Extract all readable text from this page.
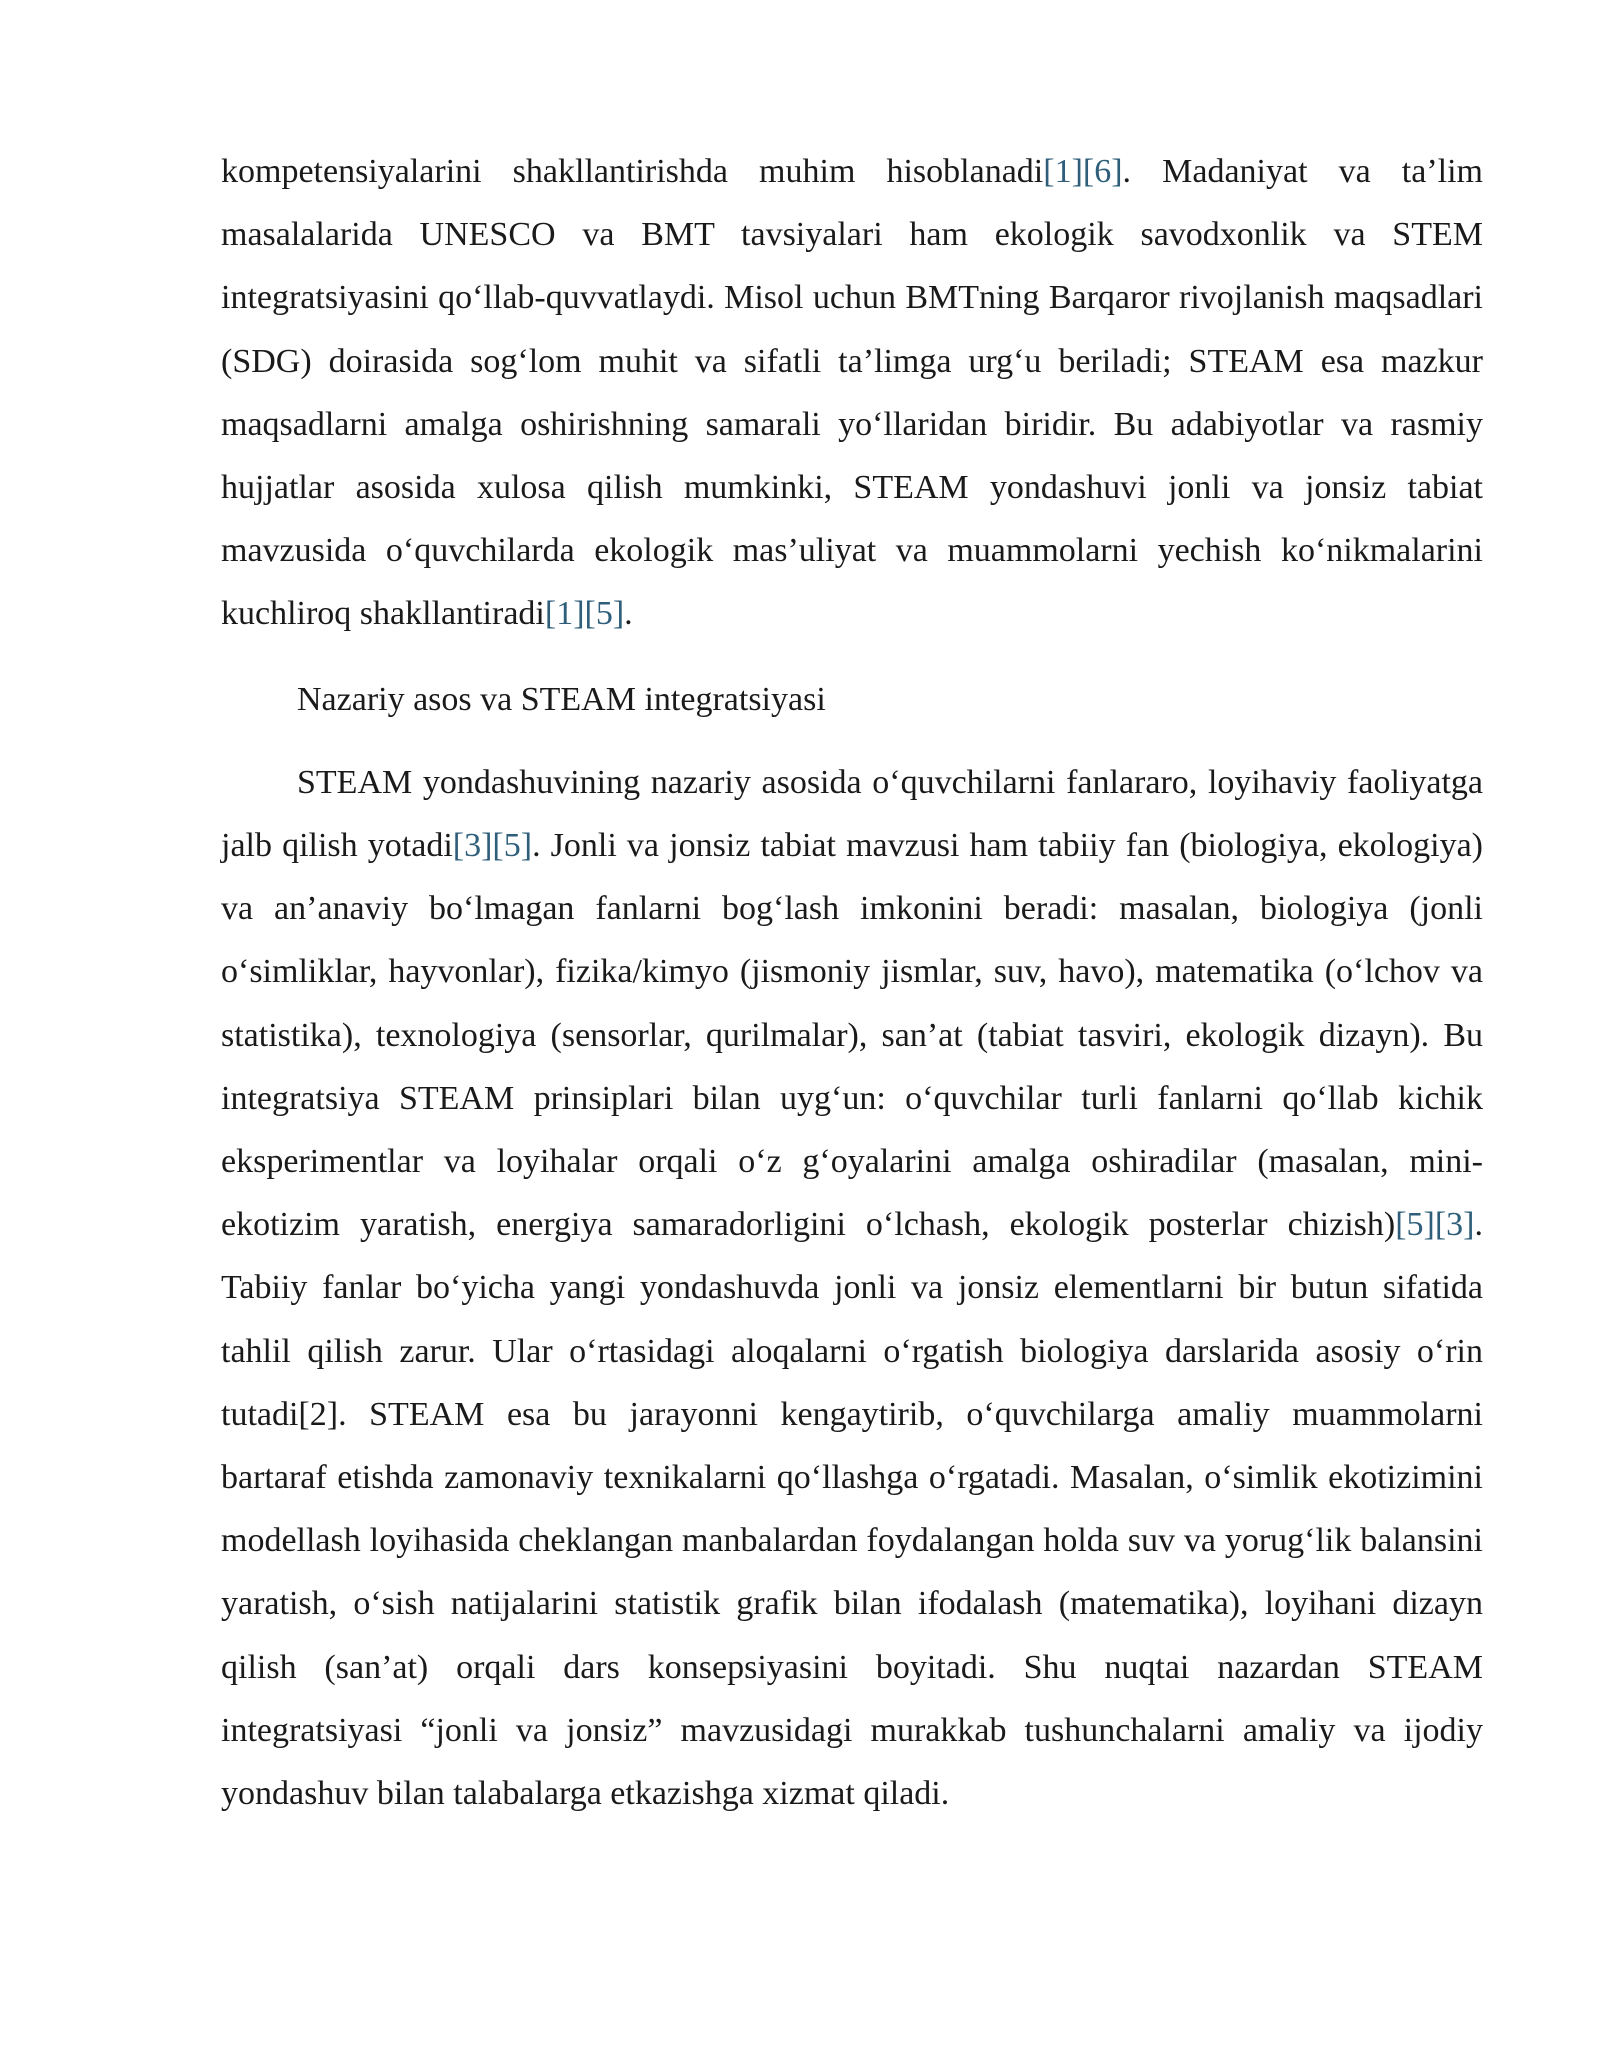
kompetensiyalarini shakllantirishda muhim hisoblanadi[1][6]. Madaniyat va ta’lim masalalarida UNESCO va BMT tavsiyalari ham ekologik savodxonlik va STEM integratsiyasini qo‘llab-quvvatlaydi. Misol uchun BMTning Barqaror rivojlanish maqsadlari (SDG) doirasida sog‘lom muhit va sifatli ta’limga urg‘u beriladi; STEAM esa mazkur maqsadlarni amalga oshirishning samarali yo‘llaridan biridir. Bu adabiyotlar va rasmiy hujjatlar asosida xulosa qilish mumkinki, STEAM yondashuvi jonli va jonsiz tabiat mavzusida o‘quvchilarda ekologik mas’uliyat va muammolarni yechish ko‘nikmalarini kuchliroq shakllantiradi[1][5].

Nazariy asos va STEAM integratsiyasi

STEAM yondashuvining nazariy asosida o‘quvchilarni fanlararo, loyihaviy faoliyatga jalb qilish yotadi[3][5]. Jonli va jonsiz tabiat mavzusi ham tabiiy fan (biologiya, ekologiya) va an’anaviy bo‘lmagan fanlarni bog‘lash imkonini beradi: masalan, biologiya (jonli o‘simliklar, hayvonlar), fizika/kimyo (jismoniy jismlar, suv, havo), matematika (o‘lchov va statistika), texnologiya (sensorlar, qurilmalar), san’at (tabiat tasviri, ekologik dizayn). Bu integratsiya STEAM prinsiplari bilan uyg‘un: o‘quvchilar turli fanlarni qo‘llab kichik eksperimentlar va loyihalar orqali o‘z g‘oyalarini amalga oshiradilar (masalan, mini-ekotizim yaratish, energiya samaradorligini o‘lchash, ekologik posterlar chizish)[5][3]. Tabiiy fanlar bo‘yicha yangi yondashuvda jonli va jonsiz elementlarni bir butun sifatida tahlil qilish zarur. Ular o‘rtasidagi aloqalarni o‘rgatish biologiya darslarida asosiy o‘rin tutadi[2]. STEAM esa bu jarayonni kengaytirib, o‘quvchilarga amaliy muammolarni bartaraf etishda zamonaviy texnikalarni qo‘llashga o‘rgatadi. Masalan, o‘simlik ekotizimini modellash loyihasida cheklangan manbalardan foydalangan holda suv va yorug‘lik balansini yaratish, o‘sish natijalarini statistik grafik bilan ifodalash (matematika), loyihani dizayn qilish (san’at) orqali dars konsepsiyasini boyitadi. Shu nuqtai nazardan STEAM integratsiyasi “jonli va jonsiz” mavzusidagi murakkab tushunchalarni amaliy va ijodiy yondashuv bilan talabalarga etkazishga xizmat qiladi.
